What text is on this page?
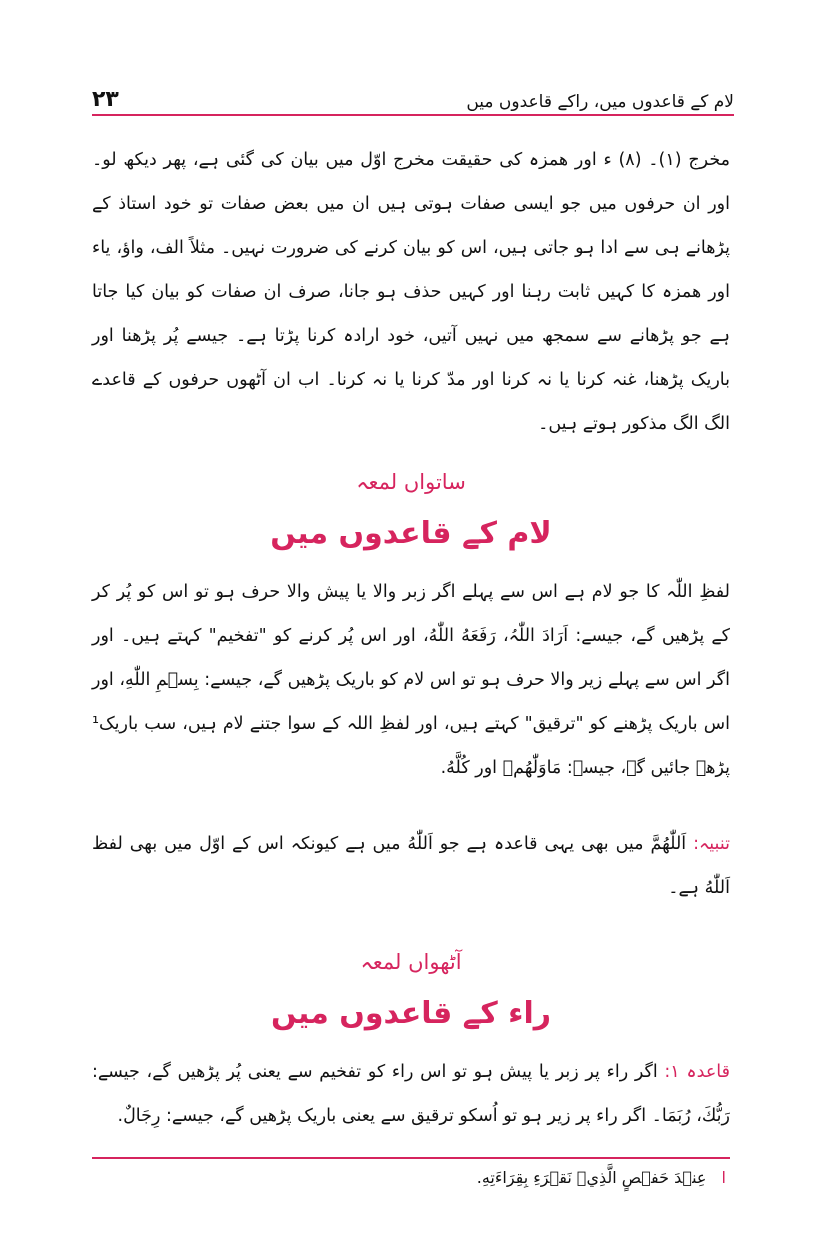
۲۳	لام کے قاعدوں میں، راکے قاعدوں میں
مخرج (۱)۔ (۸) ء اور ھمزہ کی حقیقت مخرج اوّل میں بیان کی گئی ہے، پھر دیکھ لو۔ اور ان حرفوں میں جو ایسی صفات ہوتی ہیں ان میں بعض صفات تو خود استاذ کے پڑھانے ہی سے ادا ہو جاتی ہیں، اس کو بیان کرنے کی ضرورت نہیں۔ مثلاً الف، واؤ، یاء اور ھمزہ کا کہیں ثابت رہنا اور کہیں حذف ہو جانا، صرف ان صفات کو بیان کیا جاتا ہے جو پڑھانے سے سمجھ میں نہیں آتیں، خود ارادہ کرنا پڑتا ہے۔ جیسے پُر پڑھنا اور باریک پڑھنا، غنہ کرنا یا نہ کرنا اور مدّ کرنا یا نہ کرنا۔ اب ان آٹھوں حرفوں کے قاعدے الگ الگ مذکور ہوتے ہیں۔
ساتواں لمعہ
لام کے قاعدوں میں
لفظِ اللّٰہ کا جو لام ہے اس سے پہلے اگر زبر والا یا پیش والا حرف ہو تو اس کو پُر کر کے پڑھیں گے، جیسے: اَرَادَ اللّٰہُ، رَفَعَهُ اللّٰهُ، اور اس پُر کرنے کو "تفخیم" کہتے ہیں۔ اور اگر اس سے پہلے زیر والا حرف ہو تو اس لام کو باریک پڑھیں گے، جیسے: بِسۡمِ اللّٰهِ، اور اس باریک پڑھنے کو "ترقیق" کہتے ہیں، اور لفظِ اللہ کے سوا جتنے لام ہیں، سب باریک¹ پڑھے جائیں گے، جیسے: مَاوَلّٰهُمۡ اور كُلَّهُ.
تنبیہ: اَللّٰهُمَّ میں بھی یہی قاعدہ ہے جو اَللّٰهُ میں ہے کیونکہ اس کے اوّل میں بھی لفظ اَللّٰهُ ہے۔
آٹھواں لمعہ
راء کے قاعدوں میں
قاعدہ ۱: اگر راء پر زبر یا پیش ہو تو اس راء کو تفخیم سے یعنی پُر پڑھیں گے، جیسے: رَبُّكَ، رُبَمَا۔ اگر راء پر زیر ہو تو اُسکو ترقیق سے یعنی باریک پڑھیں گے، جیسے: رِجَالٌ.
ا عِنۡدَ حَفۡصٍ الَّذِيۡ نَقۡرَءِ بِقِرَاءَتِهِ.
